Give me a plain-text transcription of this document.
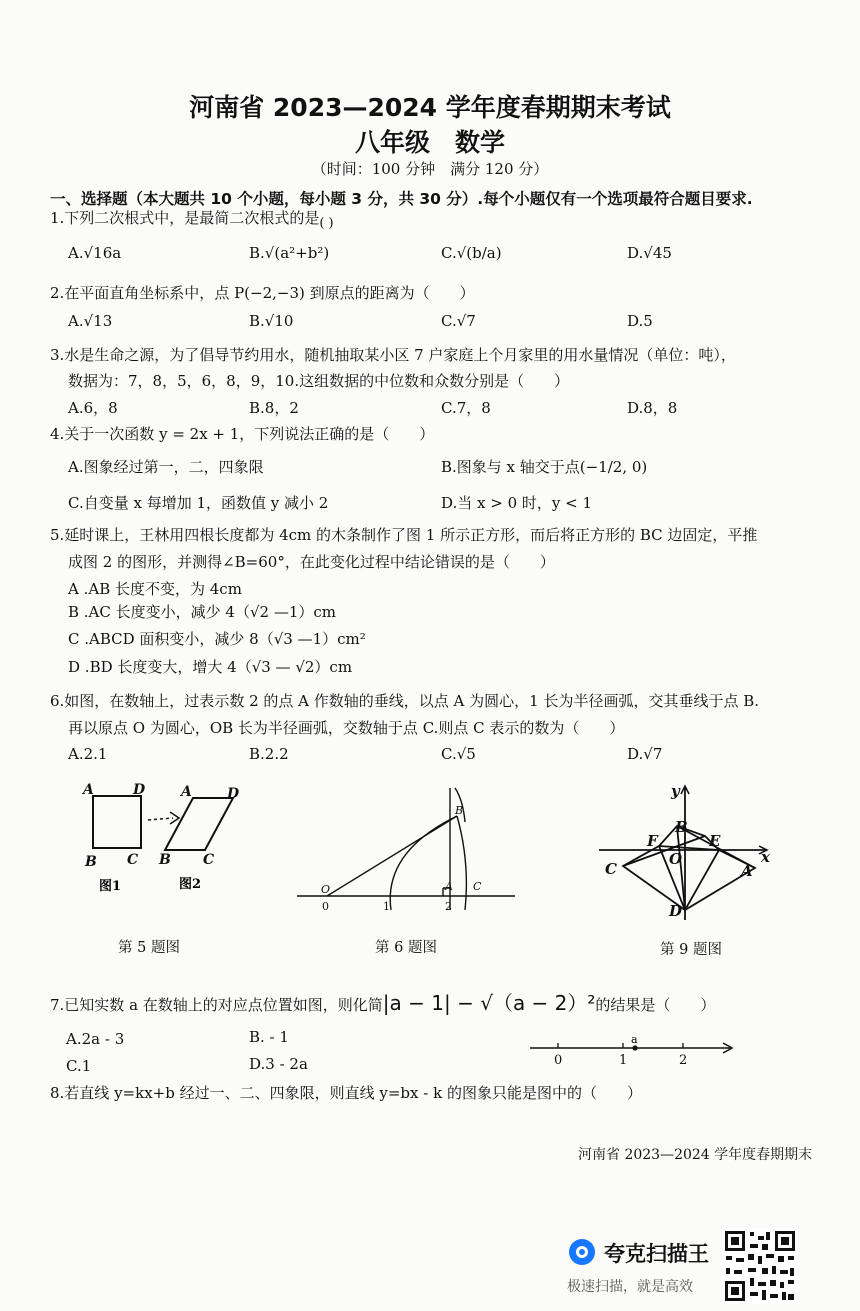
河南省 2023—2024 学年度春期期末考试
八年级　数学
（时间：100 分钟　满分 120 分）
一、选择题（本大题共 10 个小题，每小题 3 分，共 30 分）.每个小题仅有一个选项最符合题目要求.
1.下列二次根式中，是最简二次根式的是( )
A.√16a	B.√(a²+b²)	C.√(b/a)	D.√45
2.在平面直角坐标系中，点 P(−2,−3) 到原点的距离为（　　）
A.√13	B.√10	C.√7	D.5
3.水是生命之源，为了倡导节约用水，随机抽取某小区 7 户家庭上个月家里的用水量情况（单位：吨），
数据为：7，8，5，6，8，9，10.这组数据的中位数和众数分别是（　　）
A.6，8	B.8，2	C.7，8	D.8，8
4.关于一次函数 y = 2x + 1，下列说法正确的是（　　）
A.图象经过第一，二，四象限	B.图象与 x 轴交于点(−1/2, 0)
C.自变量 x 每增加 1，函数值 y 减小 2	D.当 x > 0 时，y < 1
5.延时课上，王林用四根长度都为 4cm 的木条制作了图 1 所示正方形，而后将正方形的 BC 边固定，平推
成图 2 的图形，并测得∠B=60°，在此变化过程中结论错误的是（　　）
A .AB 长度不变，为 4cm
B .AC 长度变小，减少 4（√2 —1）cm
C .ABCD 面积变小，减少 8（√3 —1）cm²
D .BD 长度变大，增大 4（√3 — √2）cm
6.如图，在数轴上，过表示数 2 的点 A 作数轴的垂线，以点 A 为圆心，1 长为半径画弧，交其垂线于点 B.
再以原点 O 为圆心，OB 长为半径画弧，交数轴于点 C.则点 C 表示的数为（　　）
A.2.1	B.2.2	C.√5	D.√7
A	D
B C
A	D
B C
图1	图2
第 5 题图
O
B
A C
0	1	2
第 6 题图
y
x
B
F	E
O
C	A
D
第 9 题图
7.已知实数 a 在数轴上的对应点位置如图，则化简|a − 1| − √（a − 2）²的结果是（　　）
A.2a - 3	B. - 1
C.1	D.3 - 2a
a
0	1	2
8.若直线 y=kx+b 经过一、二、四象限，则直线 y=bx - k 的图象只能是图中的（　　）
河南省 2023—2024 学年度春期期末
夸克扫描王
极速扫描，就是高效
